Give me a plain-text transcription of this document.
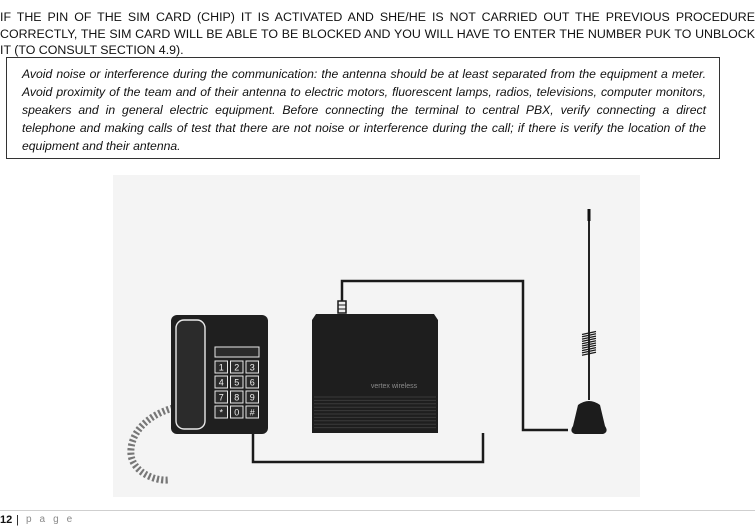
IF THE PIN OF THE SIM CARD (CHIP) IT IS ACTIVATED AND SHE/HE IS NOT CARRIED OUT THE PREVIOUS PROCEDURE CORRECTLY, THE SIM CARD WILL BE ABLE TO BE BLOCKED AND YOU WILL HAVE TO ENTER THE NUMBER PUK TO UNBLOCK IT (TO CONSULT SECTION 4.9).

Avoid noise or interference during the communication: the antenna should be at least separated from the equipment a meter. Avoid proximity of the team and of their antenna to electric motors, fluorescent lamps, radios, televisions, computer monitors, speakers and in general electric equipment. Before connecting the terminal to central PBX, verify connecting a direct telephone and making calls of test that there are not noise or interference during the call; if there is verify the location of the equipment and their antenna.

1 2 3
4 5 6
7 8 9
* 0 #
vertex wireless
12 | page
